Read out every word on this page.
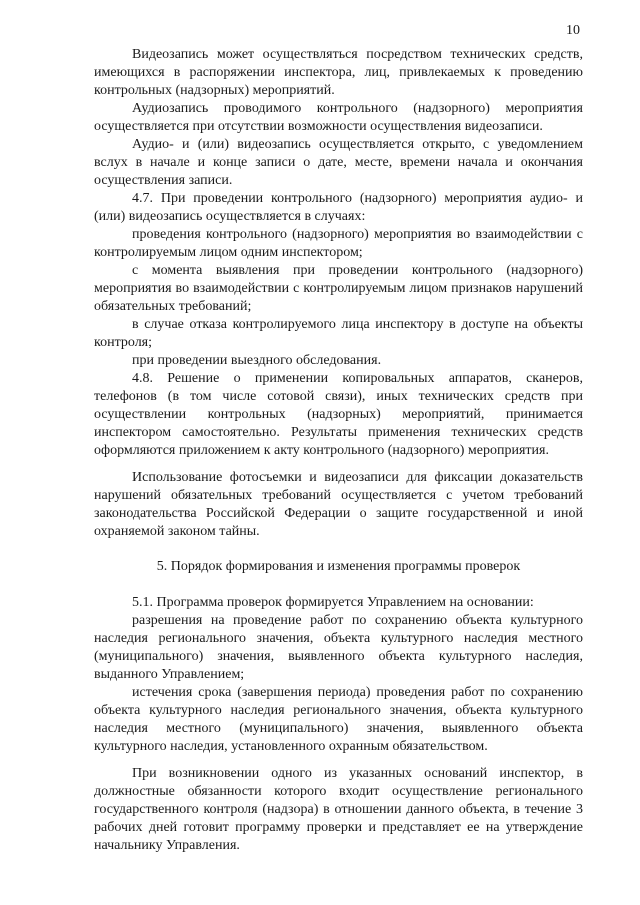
10

Видеозапись может осуществляться посредством технических средств, имеющихся в распоряжении инспектора, лиц, привлекаемых к проведению контрольных (надзорных) мероприятий.

Аудиозапись проводимого контрольного (надзорного) мероприятия осуществляется при отсутствии возможности осуществления видеозаписи.

Аудио- и (или) видеозапись осуществляется открыто, с уведомлением вслух в начале и конце записи о дате, месте, времени начала и окончания осуществления записи.

4.7. При проведении контрольного (надзорного) мероприятия аудио- и (или) видеозапись осуществляется в случаях:

проведения контрольного (надзорного) мероприятия во взаимодействии с контролируемым лицом одним инспектором;

с момента выявления при проведении контрольного (надзорного) мероприятия во взаимодействии с контролируемым лицом признаков нарушений обязательных требований;

в случае отказа контролируемого лица инспектору в доступе на объекты контроля;

при проведении выездного обследования.

4.8. Решение о применении копировальных аппаратов, сканеров, телефонов (в том числе сотовой связи), иных технических средств при осуществлении контрольных (надзорных) мероприятий, принимается инспектором самостоятельно. Результаты применения технических средств оформляются приложением к акту контрольного (надзорного) мероприятия.

Использование фотосъемки и видеозаписи для фиксации доказательств нарушений обязательных требований осуществляется с учетом требований законодательства Российской Федерации о защите государственной и иной охраняемой законом тайны.

5. Порядок формирования и изменения программы проверок

5.1. Программа проверок формируется Управлением на основании:

разрешения на проведение работ по сохранению объекта культурного наследия регионального значения, объекта культурного наследия местного (муниципального) значения, выявленного объекта культурного наследия, выданного Управлением;

истечения срока (завершения периода) проведения работ по сохранению объекта культурного наследия регионального значения, объекта культурного наследия местного (муниципального) значения, выявленного объекта культурного наследия, установленного охранным обязательством.

При возникновении одного из указанных оснований инспектор, в должностные обязанности которого входит осуществление регионального государственного контроля (надзора) в отношении данного объекта, в течение 3 рабочих дней готовит программу проверки и представляет ее на утверждение начальнику Управления.
